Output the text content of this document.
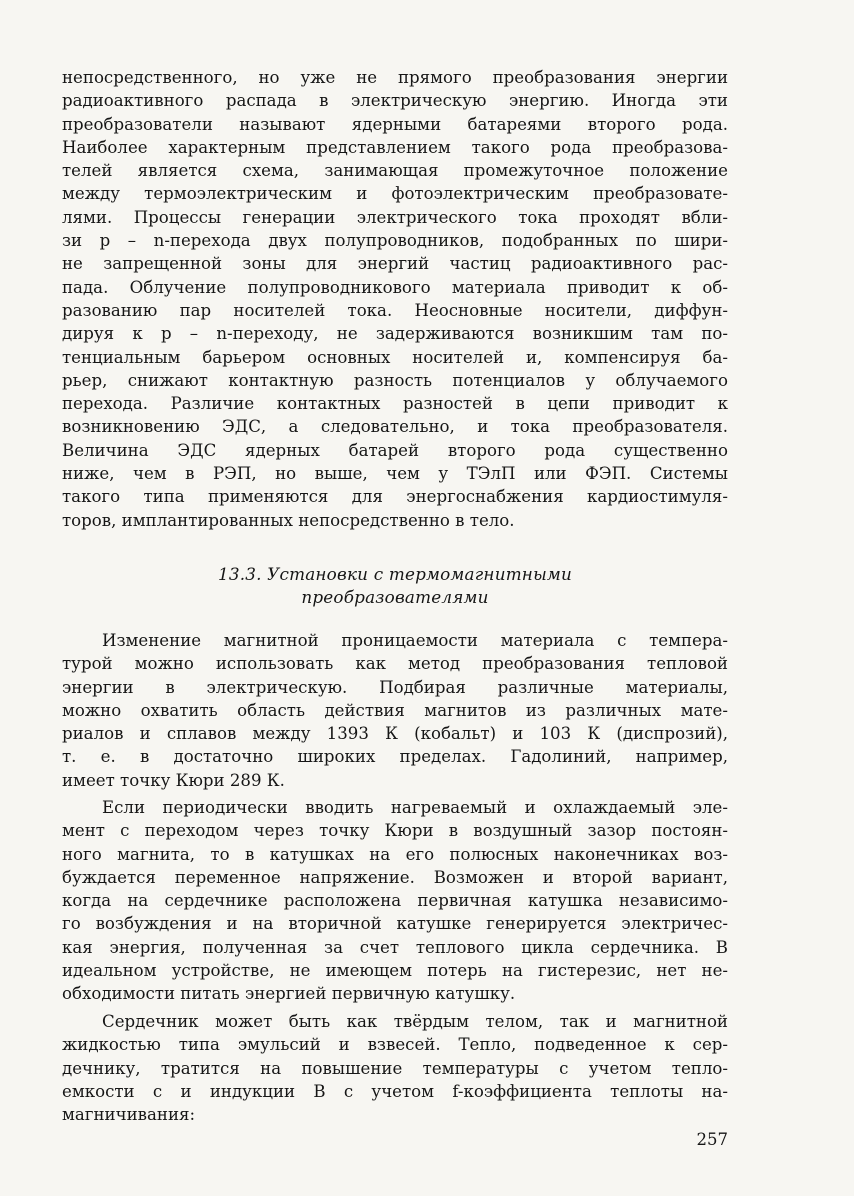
непосредственного, но уже не прямого преобразования энергии
радиоактивного распада в электрическую энергию. Иногда эти
преобразователи называют ядерными батареями второго рода.
Наиболее характерным представлением такого рода преобразова-
телей является схема, занимающая промежуточное положение
между термоэлектрическим и фотоэлектрическим преобразовате-
лями. Процессы генерации электрического тока проходят вбли-
зи p – n-перехода двух полупроводников, подобранных по шири-
не запрещенной зоны для энергий частиц радиоактивного рас-
пада. Облучение полупроводникового материала приводит к об-
разованию пар носителей тока. Неосновные носители, диффун-
дируя к p – n-переходу, не задерживаются возникшим там по-
тенциальным барьером основных носителей и, компенсируя ба-
рьер, снижают контактную разность потенциалов у облучаемого
перехода. Различие контактных разностей в цепи приводит к
возникновению ЭДС, а следовательно, и тока преобразователя.
Величина ЭДС ядерных батарей второго рода существенно
ниже, чем в РЭП, но выше, чем у ТЭлП или ФЭП. Системы
такого типа применяются для энергоснабжения кардиостимуля-
торов, имплантированных непосредственно в тело.
13.3. Установки с термомагнитными
преобразователями
Изменение магнитной проницаемости материала с темпера-
турой можно использовать как метод преобразования тепловой
энергии в электрическую. Подбирая различные материалы,
можно охватить область действия магнитов из различных мате-
риалов и сплавов между 1393 К (кобальт) и 103 К (диспрозий),
т. е. в достаточно широких пределах. Гадолиний, например,
имеет точку Кюри 289 К.
Если периодически вводить нагреваемый и охлаждаемый эле-
мент с переходом через точку Кюри в воздушный зазор постоян-
ного магнита, то в катушках на его полюсных наконечниках воз-
буждается переменное напряжение. Возможен и второй вариант,
когда на сердечнике расположена первичная катушка независимо-
го возбуждения и на вторичной катушке генерируется электричес-
кая энергия, полученная за счет теплового цикла сердечника. В
идеальном устройстве, не имеющем потерь на гистерезис, нет не-
обходимости питать энергией первичную катушку.
Сердечник может быть как твёрдым телом, так и магнитной
жидкостью типа эмульсий и взвесей. Тепло, подведенное к сер-
дечнику, тратится на повышение температуры с учетом тепло-
емкости c и индукции B с учетом f-коэффициента теплоты на-
магничивания:
257
